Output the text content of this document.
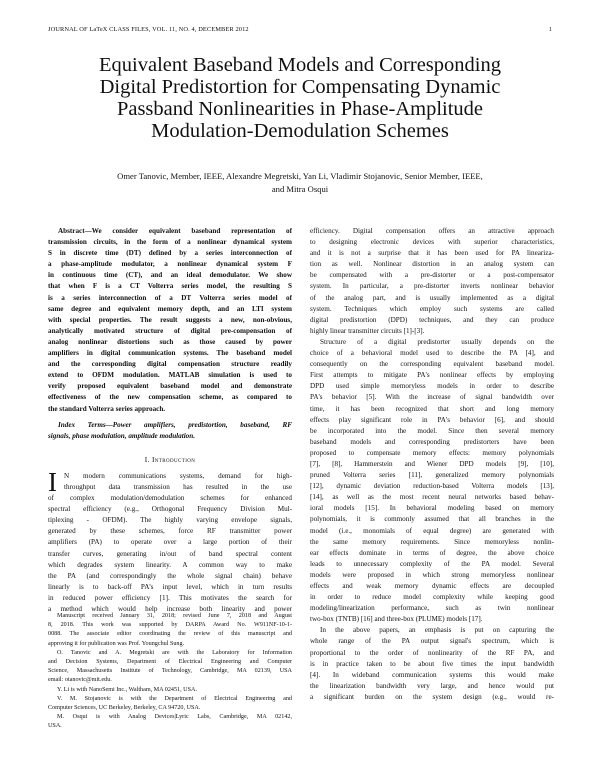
JOURNAL OF LaTeX CLASS FILES, VOL. 11, NO. 4, DECEMBER 2012	1
Equivalent Baseband Models and Corresponding
Digital Predistortion for Compensating Dynamic
Passband Nonlinearities in Phase-Amplitude
Modulation-Demodulation Schemes
Omer Tanovic, Member, IEEE, Alexandre Megretski, Yan Li, Vladimir Stojanovic, Senior Member, IEEE,
and Mitra Osqui
Abstract—We consider equivalent baseband representation of
transmission circuits, in the form of a nonlinear dynamical system
S in discrete time (DT) defined by a series interconnection of
a phase-amplitude modulator, a nonlinear dynamical system F
in continuous time (CT), and an ideal demodulator. We show
that when F is a CT Volterra series model, the resulting S
is a series interconnection of a DT Volterra series model of
same degree and equivalent memory depth, and an LTI system
with special properties. The result suggests a new, non-obvious,
analytically motivated structure of digital pre-compensation of
analog nonlinear distortions such as those caused by power
amplifiers in digital communication systems. The baseband model
and the corresponding digital compensation structure readily
extend to OFDM modulation. MATLAB simulation is used to
verify proposed equivalent baseband model and demonstrate
effectiveness of the new compensation scheme, as compared to
the standard Volterra series approach.
Index Terms—Power amplifiers, predistortion, baseband, RF
signals, phase modulation, amplitude modulation.
I. Introduction
I N modern communications systems, demand for high-
throughput data transmission has resulted in the use
of complex modulation/demodulation schemes for enhanced
spectral efficiency (e.g., Orthogonal Frequency Division Mul-
tiplexing - OFDM). The highly varying envelope signals,
generated by these schemes, force RF transmitter power
amplifiers (PA) to operate over a large portion of their
transfer curves, generating in/out of band spectral content
which degrades system linearity. A common way to make
the PA (and correspondingly the whole signal chain) behave
linearly is to back-off PA's input level, which in turn results
in reduced power efficiency [1]. This motivates the search for
a method which would help increase both linearity and power
Manuscript received January 31, 2018; revised June 7, 2018 and August
8, 2018. This work was supported by DARPA Award No. W911NF-10-1-
0088. The associate editor coordinating the review of this manuscript and
approving it for publication was Prof. Youngchul Sung.
O. Tanovic and A. Megretski are with the Laboratory for Information
and Decision Systems, Department of Electrical Engineering and Computer
Science, Massachusetts Institute of Technology, Cambridge, MA 02139, USA
email: otanovic@mit.edu.
Y. Li is with NanoSemi Inc., Waltham, MA 02451, USA.
V. M. Stojanovic is with the Department of Electrical Engineering and
Computer Sciences, UC Berkeley, Berkeley, CA 94720, USA.
M. Osqui is with Analog Devices|Lyric Labs, Cambridge, MA 02142,
USA.
efficiency. Digital compensation offers an attractive approach
to designing electronic devices with superior characteristics,
and it is not a surprise that it has been used for PA lineariza-
tion as well. Nonlinear distortion in an analog system can
be compensated with a pre-distorter or a post-compensator
system. In particular, a pre-distorter inverts nonlinear behavior
of the analog part, and is usually implemented as a digital
system. Techniques which employ such systems are called
digital predistortion (DPD) techniques, and they can produce
highly linear transmitter circuits [1]-[3].
Structure of a digital predistorter usually depends on the
choice of a behavioral model used to describe the PA [4], and
consequently on the corresponding equivalent baseband model.
First attempts to mitigate PA's nonlinear effects by employing
DPD used simple memoryless models in order to describe
PA's behavior [5]. With the increase of signal bandwidth over
time, it has been recognized that short and long memory
effects play significant role in PA's behavior [6], and should
be incorporated into the model. Since then several memory
baseband models and corresponding predistorters have been
proposed to compensate memory effects: memory polynomials
[7], [8], Hammerstein and Wiener DPD models [9], [10],
pruned Volterra series [11], generalized memory polynomials
[12], dynamic deviation reduction-based Volterra models [13],
[14], as well as the most recent neural networks based behav-
ioral models [15]. In behavioral modeling based on memory
polynomials, it is commonly assumed that all branches in the
model (i.e., monomials of equal degree) are generated with
the same memory requirements. Since memoryless nonlin-
ear effects dominate in terms of degree, the above choice
leads to unnecessary complexity of the PA model. Several
models were proposed in which strong memoryless nonlinear
effects and weak memory dynamic effects are decoupled
in order to reduce model complexity while keeping good
modeling/linearization performance, such as twin nonlinear
two-box (TNTB) [16] and three-box (PLUME) models [17].
In the above papers, an emphasis is put on capturing the
whole range of the PA output signal's spectrum, which is
proportional to the order of nonlinearity of the RF PA, and
is in practice taken to be about five times the input bandwidth
[4]. In wideband communication systems this would make
the linearization bandwidth very large, and hence would put
a significant burden on the system design (e.g., would re-
